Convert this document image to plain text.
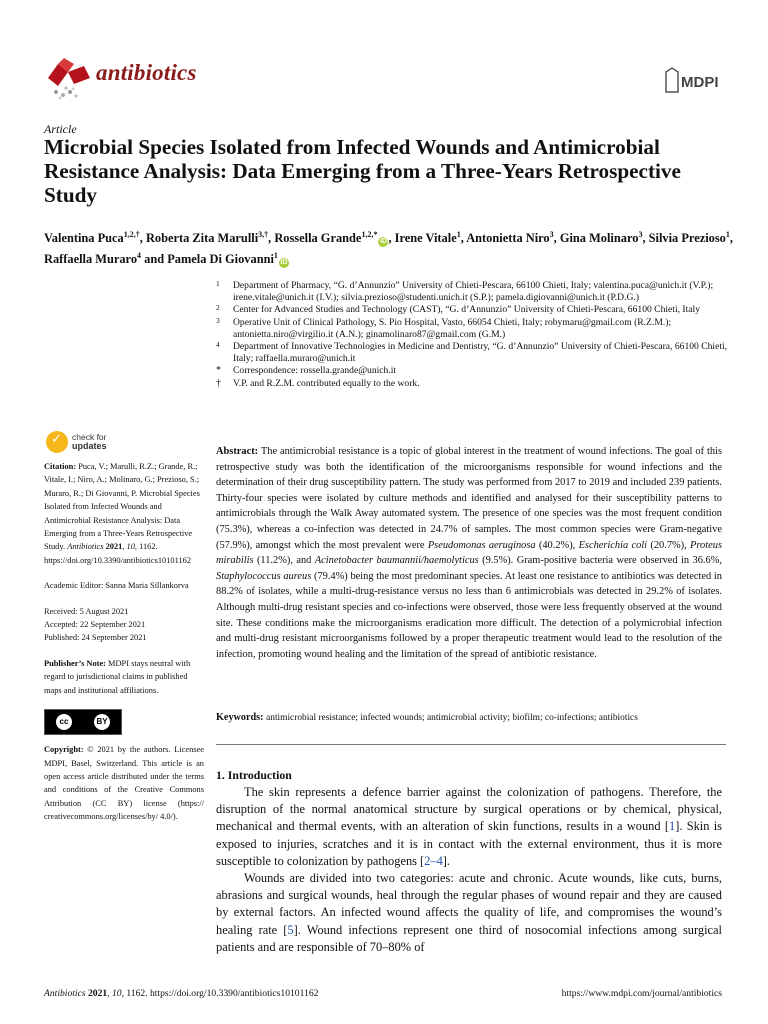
antibiotics	MDPI
Article
Microbial Species Isolated from Infected Wounds and Antimicrobial Resistance Analysis: Data Emerging from a Three-Years Retrospective Study
Valentina Puca$^{1,2,\dagger}$, Roberta Zita Marulli$^{3,\dagger}$, Rossella Grande$^{1,2,*}$iD , Irene Vitale$^1$, Antonietta Niro$^3$, Gina Molinaro$^3$, Silvia Prezioso$^1$, Raffaella Muraro$^4$ and Pamela Di Giovanni$^1$iD
1 Department of Pharmacy, “G. d’Annunzio” University of Chieti-Pescara, 66100 Chieti, Italy; valentina.puca@unich.it (V.P.); irene.vitale@unich.it (I.V.); silvia.prezioso@studenti.unich.it (S.P.); pamela.digiovanni@unich.it (P.D.G.)
2 Center for Advanced Studies and Technology (CAST), “G. d’Annunzio” University of Chieti-Pescara, 66100 Chieti, Italy
3 Operative Unit of Clinical Pathology, S. Pio Hospital, Vasto, 66054 Chieti, Italy; robymaru@gmail.com (R.Z.M.); antonietta.niro@virgilio.it (A.N.); ginamolinaro87@gmail.com (G.M.)
4 Department of Innovative Technologies in Medicine and Dentistry, “G. d’Annunzio” University of Chieti-Pescara, 66100 Chieti, Italy; raffaella.muraro@unich.it
* Correspondence: rossella.grande@unich.it
† V.P. and R.Z.M. contributed equally to the work.
✓
check for
updates
Citation: Puca, V.; Marulli, R.Z.; Grande, R.; Vitale, I.; Niro, A.; Molinaro, G.; Prezioso, S.; Muraro, R.; Di Giovanni, P. Microbial Species Isolated from Infected Wounds and Antimicrobial Resistance Analysis: Data Emerging from a Three-Years Retrospective Study. Antibiotics 2021, 10, 1162. https://doi.org/10.3390/antibiotics10101162
Academic Editor: Sanna Maria Sillankorva
Received: 5 August 2021
Accepted: 22 September 2021
Published: 24 September 2021
Publisher’s Note: MDPI stays neutral with regard to jurisdictional claims in published maps and institutional affiliations.
cc	BY
Copyright: © 2021 by the authors. Licensee MDPI, Basel, Switzerland. This article is an open access article distributed under the terms and conditions of the Creative Commons Attribution (CC BY) license (https:// creativecommons.org/licenses/by/ 4.0/).

Abstract: The antimicrobial resistance is a topic of global interest in the treatment of wound infections. The goal of this retrospective study was both the identification of the microorganisms responsible for wound infections and the determination of their drug susceptibility pattern. The study was performed from 2017 to 2019 and included 239 patients. Thirty-four species were isolated by culture methods and identified and analysed for their susceptibility patterns to antimicrobials through the Walk Away automated system. The presence of one species was the most frequent condition (75.3%), whereas a co-infection was detected in 24.7% of samples. The most common species were Gram-negative (57.9%), amongst which the most prevalent were Pseudomonas aeruginosa (40.2%), Escherichia coli (20.7%), Proteus mirabilis (11.2%), and Acinetobacter baumannii/haemolyticus (9.5%). Gram-positive bacteria were observed in 36.6%, Staphylococcus aureus (79.4%) being the most predominant species. At least one resistance to antibiotics was detected in 88.2% of isolates, while a multi-drug-resistance versus no less than 6 antimicrobials was detected in 29.2% of isolates. Although multi-drug resistant species and co-infections were observed, those were less frequently observed at the wound site. These conditions make the microorganisms eradication more difficult. The detection of a polymicrobial infection and multi-drug resistant microorganisms followed by a proper therapeutic treatment would lead to the resolution of the infection, promoting wound healing and the limitation of the spread of antibiotic resistance.

Keywords: antimicrobial resistance; infected wounds; antimicrobial activity; biofilm; co-infections; antibiotics
1. Introduction

The skin represents a defence barrier against the colonization of pathogens. Therefore, the disruption of the normal anatomical structure by surgical operations or by chemical, physical, mechanical and thermal events, with an alteration of skin functions, results in a wound [1]. Skin is exposed to injuries, scratches and it is in contact with the external environment, thus it is more susceptible to colonization by pathogens [2–4].

Wounds are divided into two categories: acute and chronic. Acute wounds, like cuts, burns, abrasions and surgical wounds, heal through the regular phases of wound repair and they are caused by external factors. An infected wound affects the quality of life, and compromises the wound’s healing rate [5]. Wound infections represent one third of nosocomial infections among surgical patients and are responsible of 70–80% of

Antibiotics 2021, 10, 1162. https://doi.org/10.3390/antibiotics10101162	https://www.mdpi.com/journal/antibiotics
